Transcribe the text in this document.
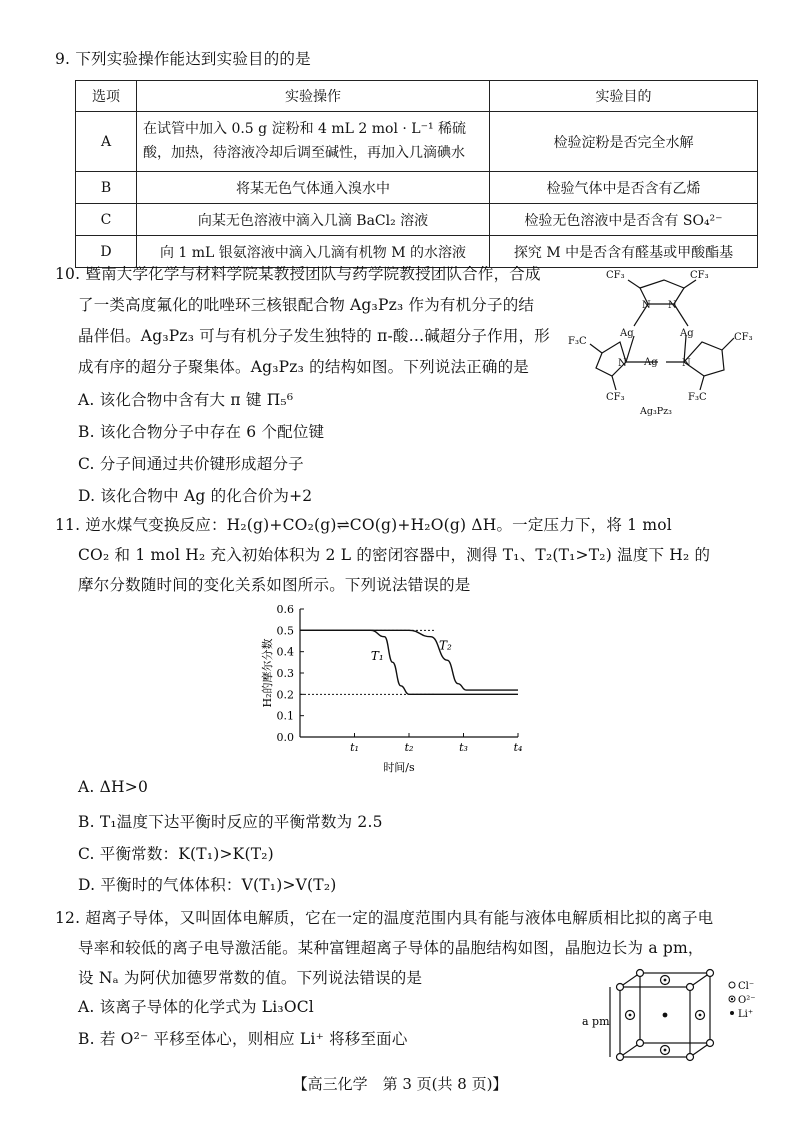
9. 下列实验操作能达到实验目的的是
选项	实验操作	实验目的
A	在试管中加入 0.5 g 淀粉和 4 mL 2 mol · L⁻¹ 稀硫
酸，加热，待溶液冷却后调至碱性，再加入几滴碘水	检验淀粉是否完全水解
B	将某无色气体通入溴水中	检验气体中是否含有乙烯
C	向某无色溶液中滴入几滴 BaCl₂ 溶液	检验无色溶液中是否含有 SO₄²⁻
D	向 1 mL 银氨溶液中滴入几滴有机物 M 的水溶液	探究 M 中是否含有醛基或甲酸酯基
10. 暨南大学化学与材料学院某教授团队与药学院教授团队合作，合成
了一类高度氟化的吡唑环三核银配合物 Ag₃Pz₃ 作为有机分子的结
晶伴侣。Ag₃Pz₃ 可与有机分子发生独特的 π-酸…碱超分子作用，形
成有序的超分子聚集体。Ag₃Pz₃ 的结构如图。下列说法正确的是
A. 该化合物中含有大 π 键 Π₅⁶
B. 该化合物分子中存在 6 个配位键
C. 分子间通过共价键形成超分子
D. 该化合物中 Ag 的化合价为+2
CF₃	CF₃
N N
Ag	Ag
F₃C	CF₃
N Ag N
CF₃	F₃C
Ag₃Pz₃
11. 逆水煤气变换反应：H₂(g)+CO₂(g)⇌CO(g)+H₂O(g) ΔH。一定压力下，将 1 mol
CO₂ 和 1 mol H₂ 充入初始体积为 2 L 的密闭容器中，测得 T₁、T₂(T₁>T₂) 温度下 H₂ 的
摩尔分数随时间的变化关系如图所示。下列说法错误的是
0.0
0.1
0.2
0.3
0.4
0.5
0.6
t₁	t₂	t₃	t₄
时间/s
H₂的摩尔分数	T₁
T₂
A. ΔH>0
B. T₁温度下达平衡时反应的平衡常数为 2.5
C. 平衡常数：K(T₁)>K(T₂)
D. 平衡时的气体体积：V(T₁)>V(T₂)
12. 超离子导体，又叫固体电解质，它在一定的温度范围内具有能与液体电解质相比拟的离子电
导率和较低的离子电导激活能。某种富锂超离子导体的晶胞结构如图，晶胞边长为 a pm，
设 Nₐ 为阿伏加德罗常数的值。下列说法错误的是
A. 该离子导体的化学式为 Li₃OCl
B. 若 O²⁻ 平移至体心，则相应 Li⁺ 将移至面心
a pm
Cl⁻
O²⁻
Li⁺
【高三化学　第 3 页(共 8 页)】
